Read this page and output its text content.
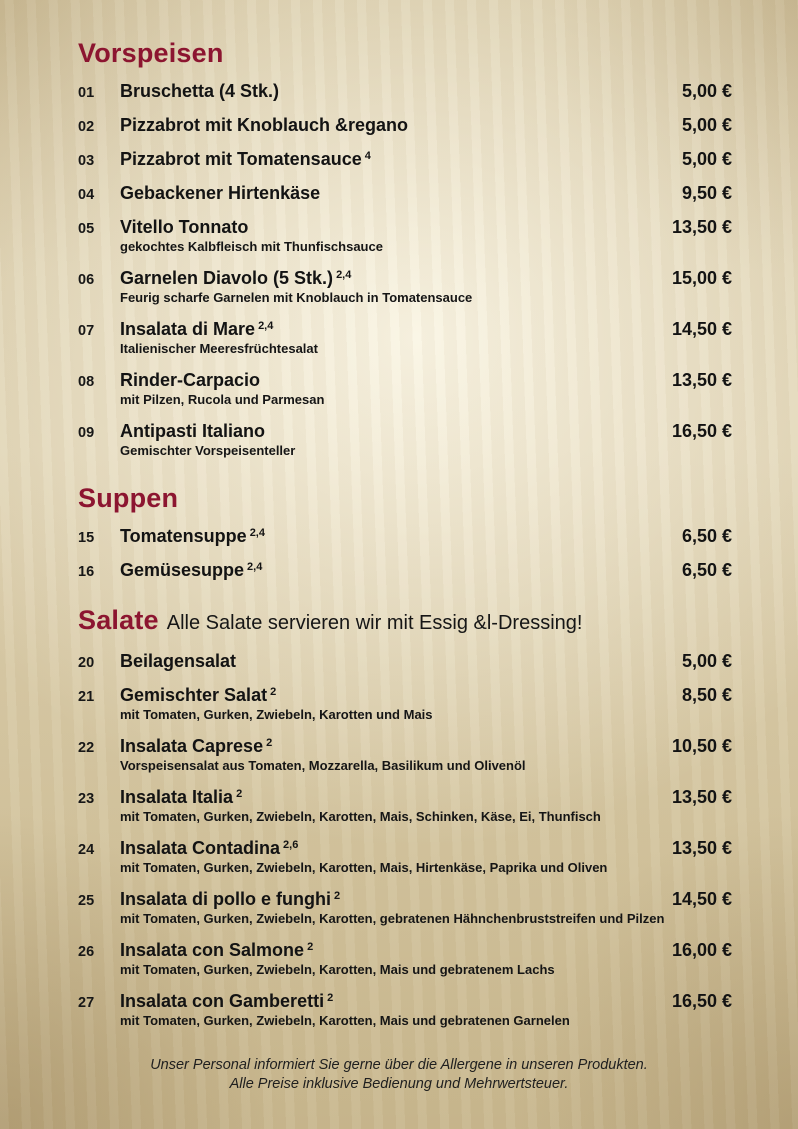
Vorspeisen
01	Bruschetta (4 Stk.)	5,00 €
02	Pizzabrot mit Knoblauch &regano	5,00 €
03	Pizzabrot mit Tomatensauce $^4$	5,00 €
04	Gebackener Hirtenkäse	9,50 €
05	Vitello Tonnato	13,50 €
gekochtes Kalbfleisch mit Thunfischsauce
06	Garnelen Diavolo (5 Stk.) $^{2,4}$	15,00 €
Feurig scharfe Garnelen mit Knoblauch in Tomatensauce
07	Insalata di Mare $^{2,4}$	14,50 €
Italienischer Meeresfrüchtesalat
08	Rinder-Carpacio	13,50 €
mit Pilzen, Rucola und Parmesan
09	Antipasti Italiano	16,50 €
Gemischter Vorspeisenteller
Suppen
15	Tomatensuppe $^{2,4}$	6,50 €
16	Gemüsesuppe $^{2,4}$	6,50 €
Salate Alle Salate servieren wir mit Essig &l-Dressing!
20	Beilagensalat	5,00 €
21	Gemischter Salat $^2$	8,50 €
mit Tomaten, Gurken, Zwiebeln, Karotten und Mais
22	Insalata Caprese $^2$	10,50 €
Vorspeisensalat aus Tomaten, Mozzarella, Basilikum und Olivenöl
23	Insalata Italia $^2$	13,50 €
mit Tomaten, Gurken, Zwiebeln, Karotten, Mais, Schinken, Käse, Ei, Thunfisch
24	Insalata Contadina $^{2,6}$	13,50 €
mit Tomaten, Gurken, Zwiebeln, Karotten, Mais, Hirtenkäse, Paprika und Oliven
25	Insalata di pollo e funghi $^2$	14,50 €
mit Tomaten, Gurken, Zwiebeln, Karotten, gebratenen Hähnchenbruststreifen und Pilzen
26	Insalata con Salmone $^2$	16,00 €
mit Tomaten, Gurken, Zwiebeln, Karotten, Mais und gebratenem Lachs
27	Insalata con Gamberetti $^2$	16,50 €
mit Tomaten, Gurken, Zwiebeln, Karotten, Mais und gebratenen Garnelen
Unser Personal informiert Sie gerne über die Allergene in unseren Produkten.
Alle Preise inklusive Bedienung und Mehrwertsteuer.
